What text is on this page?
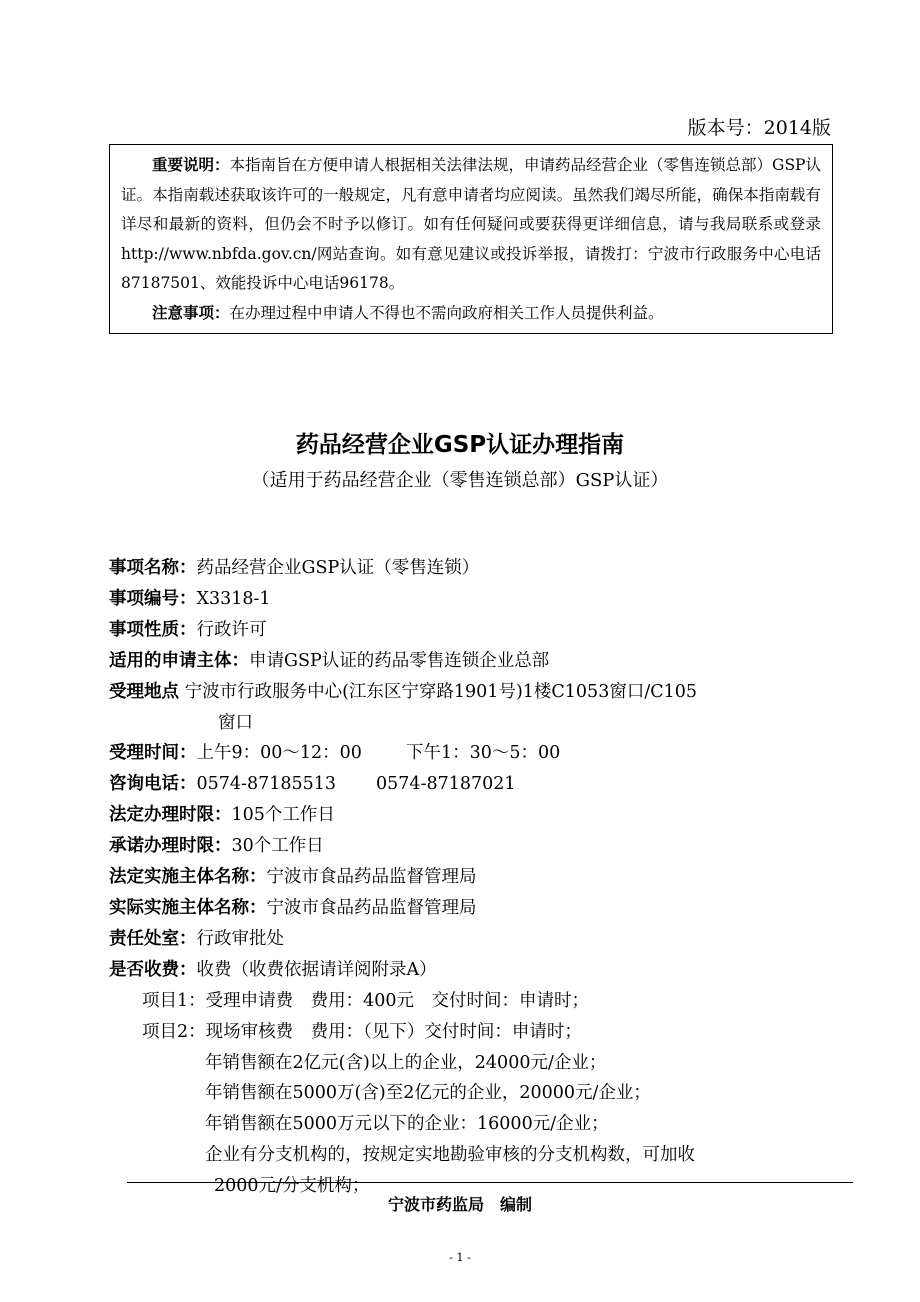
版本号：2014版

重要说明：本指南旨在方便申请人根据相关法律法规，申请药品经营企业（零售连锁总部）GSP认证。本指南载述获取该许可的一般规定，凡有意申请者均应阅读。虽然我们竭尽所能，确保本指南载有详尽和最新的资料，但仍会不时予以修订。如有任何疑问或要获得更详细信息，请与我局联系或登录http://www.nbfda.gov.cn/网站查询。如有意见建议或投诉举报，请拨打：宁波市行政服务中心电话87187501、效能投诉中心电话96178。

注意事项：在办理过程中申请人不得也不需向政府相关工作人员提供利益。

药品经营企业GSP认证办理指南
（适用于药品经营企业（零售连锁总部）GSP认证）
事项名称：药品经营企业GSP认证（零售连锁）
事项编号：X3318-1
事项性质：行政许可
适用的申请主体：申请GSP认证的药品零售连锁企业总部
受理地点 宁波市行政服务中心(江东区宁穿路1901号)1楼C1053窗口/C105
窗口
受理时间：上午9：00～12：00	下午1：30～5：00
咨询电话：0574-87185513 0574-87187021
法定办理时限：105个工作日
承诺办理时限：30个工作日
法定实施主体名称：宁波市食品药品监督管理局
实际实施主体名称：宁波市食品药品监督管理局
责任处室：行政审批处
是否收费：收费（收费依据请详阅附录A）
项目1：受理申请费　费用：400元　交付时间：申请时；
项目2：现场审核费　费用：（见下）交付时间：申请时；
年销售额在2亿元(含)以上的企业，24000元/企业；
年销售额在5000万(含)至2亿元的企业，20000元/企业；
年销售额在5000万元以下的企业：16000元/企业；
企业有分支机构的，按规定实地勘验审核的分支机构数，可加收
2000元/分支机构；
宁波市药监局　编制
- 1 -
